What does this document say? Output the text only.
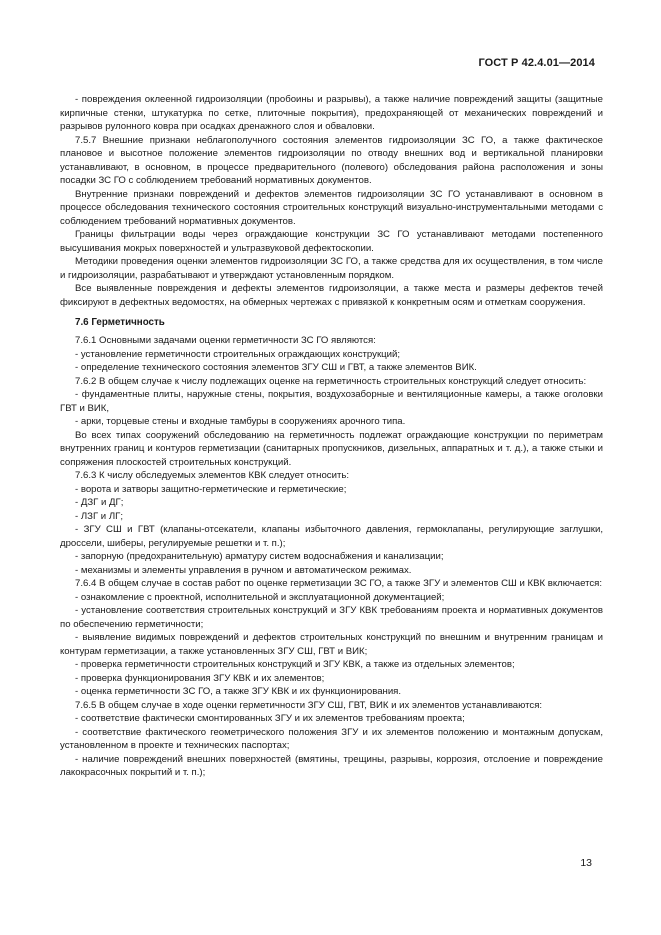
ГОСТ Р 42.4.01—2014

- повреждения оклеенной гидроизоляции (пробоины и разрывы), а также наличие повреждений защиты (защитные кирпичные стенки, штукатурка по сетке, плиточные покрытия), предохраняющей от механических повреждений и разрывов рулонного ковра при осадках дренажного слоя и обваловки.

7.5.7 Внешние признаки неблагополучного состояния элементов гидроизоляции ЗС ГО, а также фактическое плановое и высотное положение элементов гидроизоляции по отводу внешних вод и вертикальной планировки устанавливают, в основном, в процессе предварительного (полевого) обследования района расположения и зоны посадки ЗС ГО с соблюдением требований нормативных документов.

Внутренние признаки повреждений и дефектов элементов гидроизоляции ЗС ГО устанавливают в основном в процессе обследования технического состояния строительных конструкций визуально-инструментальными методами с соблюдением требований нормативных документов.

Границы фильтрации воды через ограждающие конструкции ЗС ГО устанавливают методами постепенного высушивания мокрых поверхностей и ультразвуковой дефектоскопии.

Методики проведения оценки элементов гидроизоляции ЗС ГО, а также средства для их осуществления, в том числе и гидроизоляции, разрабатывают и утверждают установленным порядком.

Все выявленные повреждения и дефекты элементов гидроизоляции, а также места и размеры дефектов течей фиксируют в дефектных ведомостях, на обмерных чертежах с привязкой к конкретным осям и отметкам сооружения.

7.6 Герметичность

7.6.1 Основными задачами оценки герметичности ЗС ГО являются:

- установление герметичности строительных ограждающих конструкций;

- определение технического состояния элементов ЗГУ СШ и ГВТ, а также элементов ВИК.

7.6.2 В общем случае к числу подлежащих оценке на герметичность строительных конструкций следует относить:

- фундаментные плиты, наружные стены, покрытия, воздухозаборные и вентиляционные камеры, а также оголовки ГВТ и ВИК,

- арки, торцевые стены и входные тамбуры в сооружениях арочного типа.

Во всех типах сооружений обследованию на герметичность подлежат ограждающие конструкции по периметрам внутренних границ и контуров герметизации (санитарных пропускников, дизельных, аппаратных и т. д.), а также стыки и сопряжения плоскостей строительных конструкций.

7.6.3 К числу обследуемых элементов КВК следует относить:

- ворота и затворы защитно-герметические и герметические;

- ДЗГ и ДГ;

- ЛЗГ и ЛГ;

- ЗГУ СШ и ГВТ (клапаны-отсекатели, клапаны избыточного давления, гермоклапаны, регулирующие заглушки, дроссели, шиберы, регулируемые решетки и т. п.);

- запорную (предохранительную) арматуру систем водоснабжения и канализации;

- механизмы и элементы управления в ручном и автоматическом режимах.

7.6.4 В общем случае в состав работ по оценке герметизации ЗС ГО, а также ЗГУ и элементов СШ и КВК включается:

- ознакомление с проектной, исполнительной и эксплуатационной документацией;

- установление соответствия строительных конструкций и ЗГУ КВК требованиям проекта и нормативных документов по обеспечению герметичности;

- выявление видимых повреждений и дефектов строительных конструкций по внешним и внутренним границам и контурам герметизации, а также установленных ЗГУ СШ, ГВТ и ВИК;

- проверка герметичности строительных конструкций и ЗГУ КВК, а также из отдельных элементов;

- проверка функционирования ЗГУ КВК и их элементов;

- оценка герметичности ЗС ГО, а также ЗГУ КВК и их функционирования.

7.6.5 В общем случае в ходе оценки герметичности ЗГУ СШ, ГВТ, ВИК и их элементов устанавливаются:

- соответствие фактически смонтированных ЗГУ и их элементов требованиям проекта;

- соответствие фактического геометрического положения ЗГУ и их элементов положению и монтажным допускам, установленном в проекте и технических паспортах;

- наличие повреждений внешних поверхностей (вмятины, трещины, разрывы, коррозия, отслоение и повреждение лакокрасочных покрытий и т. п.);

13
